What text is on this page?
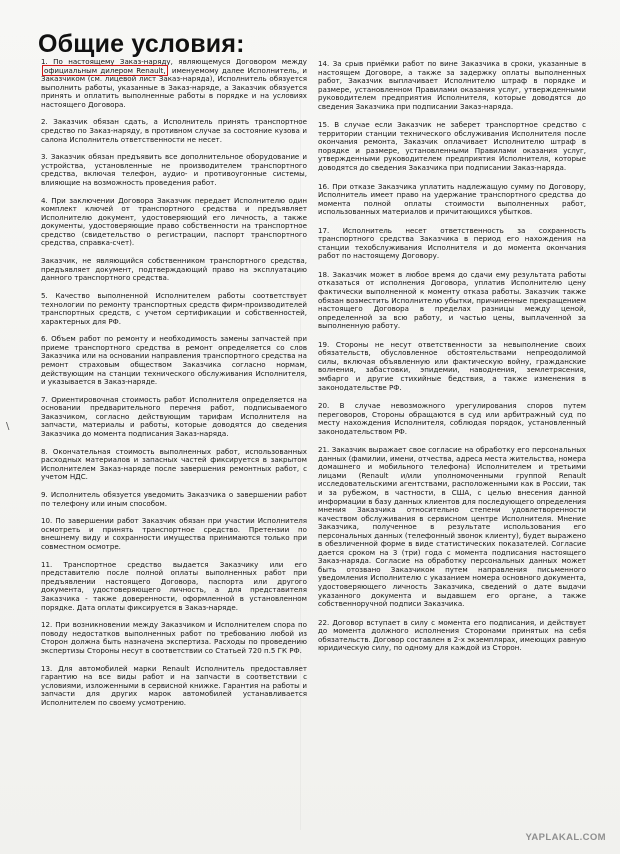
Общие условия:

1. По настоящему Заказ-наряду, являющемуся Договором между официальным дилером Renault, именуемому далее Исполнитель, и Заказчиком (см. лицевой лист Заказ-наряда), Исполнитель обязуется выполнить работы, указанные в Заказ-наряде, а Заказчик обязуется принять и оплатить выполненные работы в порядке и на условиях настоящего Договора.

2. Заказчик обязан сдать, а Исполнитель принять транспортное средство по Заказ-наряду, в противном случае за состояние кузова и салона Исполнитель ответственности не несет.

3. Заказчик обязан предъявить все дополнительное оборудование и устройства, установленные не производителем транспортного средства, включая телефон, аудио- и противоугонные системы, влияющие на возможность проведения работ.

4. При заключении Договора Заказчик передает Исполнителю один комплект ключей от транспортного средства и предъявляет Исполнителю документ, удостоверяющий его личность, а также документы, удостоверяющие право собственности на транспортное средство (свидетельство о регистрации, паспорт транспортного средства, справка-счет).

Заказчик, не являющийся собственником транспортного средства, предъявляет документ, подтверждающий право на эксплуатацию данного транспортного средства.

5. Качество выполненной Исполнителем работы соответствует технологии по ремонту транспортных средств фирм-производителей транспортных средств, с учетом сертификации и собственностей, характерных для РФ.

6. Объем работ по ремонту и необходимость замены запчастей при приеме транспортного средства в ремонт определяется со слов Заказчика или на основании направления транспортного средства на ремонт страховым обществом Заказчика согласно нормам, действующим на станции технического обслуживания Исполнителя, и указывается в Заказ-наряде.

7. Ориентировочная стоимость работ Исполнителя определяется на основании предварительного перечня работ, подписываемого Заказчиком, согласно действующим тарифам Исполнителя на запчасти, материалы и работы, которые доводятся до сведения Заказчика до момента подписания Заказ-наряда.

8. Окончательная стоимость выполненных работ, использованных расходных материалов и запасных частей фиксируется в закрытом Исполнителем Заказ-наряде после завершения ремонтных работ, с учетом НДС.

9. Исполнитель обязуется уведомить Заказчика о завершении работ по телефону или иным способом.

10. По завершении работ Заказчик обязан при участии Исполнителя осмотреть и принять транспортное средство. Претензии по внешнему виду и сохранности имущества принимаются только при совместном осмотре.

11. Транспортное средство выдается Заказчику или его представителю после полной оплаты выполненных работ при предъявлении настоящего Договора, паспорта или другого документа, удостоверяющего личность, а для представителя Заказчика - также доверенности, оформленной в установленном порядке. Дата оплаты фиксируется в Заказ-наряде.

12. При возникновении между Заказчиком и Исполнителем спора по поводу недостатков выполненных работ по требованию любой из Сторон должна быть назначена экспертиза. Расходы по проведению экспертизы Стороны несут в соответствии со Статьей 720 п.5 ГК РФ.

13. Для автомобилей марки Renault Исполнитель предоставляет гарантию на все виды работ и на запчасти в соответствии с условиями, изложенными в сервисной книжке. Гарантия на работы и запчасти для других марок автомобилей устанавливается Исполнителем по своему усмотрению.

14. За срыв приёмки работ по вине Заказчика в сроки, указанные в настоящем Договоре, а также за задержку оплаты выполненных работ, Заказчик выплачивает Исполнителю штраф в порядке и размере, установленном Правилами оказания услуг, утвержденными руководителем предприятия Исполнителя, которые доводятся до сведения Заказчика при подписании Заказ-наряда.

15. В случае если Заказчик не заберет транспортное средство с территории станции технического обслуживания Исполнителя после окончания ремонта, Заказчик оплачивает Исполнителю штраф в порядке и размере, установленными Правилами оказания услуг, утвержденными руководителем предприятия Исполнителя, которые доводятся до сведения Заказчика при подписании Заказ-наряда.

16. При отказе Заказчика уплатить надлежащую сумму по Договору, Исполнитель имеет право на удержание транспортного средства до момента полной оплаты стоимости выполненных работ, использованных материалов и причитающихся убытков.

17. Исполнитель несет ответственность за сохранность транспортного средства Заказчика в период его нахождения на станции техобслуживания Исполнителя и до момента окончания работ по настоящему Договору.

18. Заказчик может в любое время до сдачи ему результата работы отказаться от исполнения Договора, уплатив Исполнителю цену фактически выполненной к моменту отказа работы. Заказчик также обязан возместить Исполнителю убытки, причиненные прекращением настоящего Договора в пределах разницы между ценой, определенной за всю работу, и частью цены, выплаченной за выполненную работу.

19. Стороны не несут ответственности за невыполнение своих обязательств, обусловленное обстоятельствами непреодолимой силы, включая объявленную или фактическую войну, гражданские волнения, забастовки, эпидемии, наводнения, землетрясения, эмбарго и другие стихийные бедствия, а также изменения в законодательстве РФ.

20. В случае невозможного урегулирования споров путем переговоров, Стороны обращаются в суд или арбитражный суд по месту нахождения Исполнителя, соблюдая порядок, установленный законодательством РФ.

21. Заказчик выражает свое согласие на обработку его персональных данных (фамилии, имени, отчества, адреса места жительства, номера домашнего и мобильного телефона) Исполнителем и третьими лицами (Renault и/или уполномоченными группой Renault исследовательскими агентствами, расположенными как в России, так и за рубежом, в частности, в США, с целью внесения данной информации в базу данных клиентов для последующего определения мнения Заказчика относительно степени удовлетворенности качеством обслуживания в сервисном центре Исполнителя. Мнение Заказчика, полученное в результате использования его персональных данных (телефонный звонок клиенту), будет выражено в обезличенной форме в виде статистических показателей. Согласие дается сроком на 3 (три) года с момента подписания настоящего Заказ-наряда. Согласие на обработку персональных данных может быть отозвано Заказчиком путем направления письменного уведомления Исполнителю с указанием номера основного документа, удостоверяющего личность Заказчика, сведений о дате выдачи указанного документа и выдавшем его органе, а также собственноручной подписи Заказчика.

22. Договор вступает в силу с момента его подписания, и действует до момента должного исполнения Сторонами принятых на себя обязательств. Договор составлен в 2-х экземплярах, имеющих равную юридическую силу, по одному для каждой из Сторон.

\
YAPLAKAL.COM
